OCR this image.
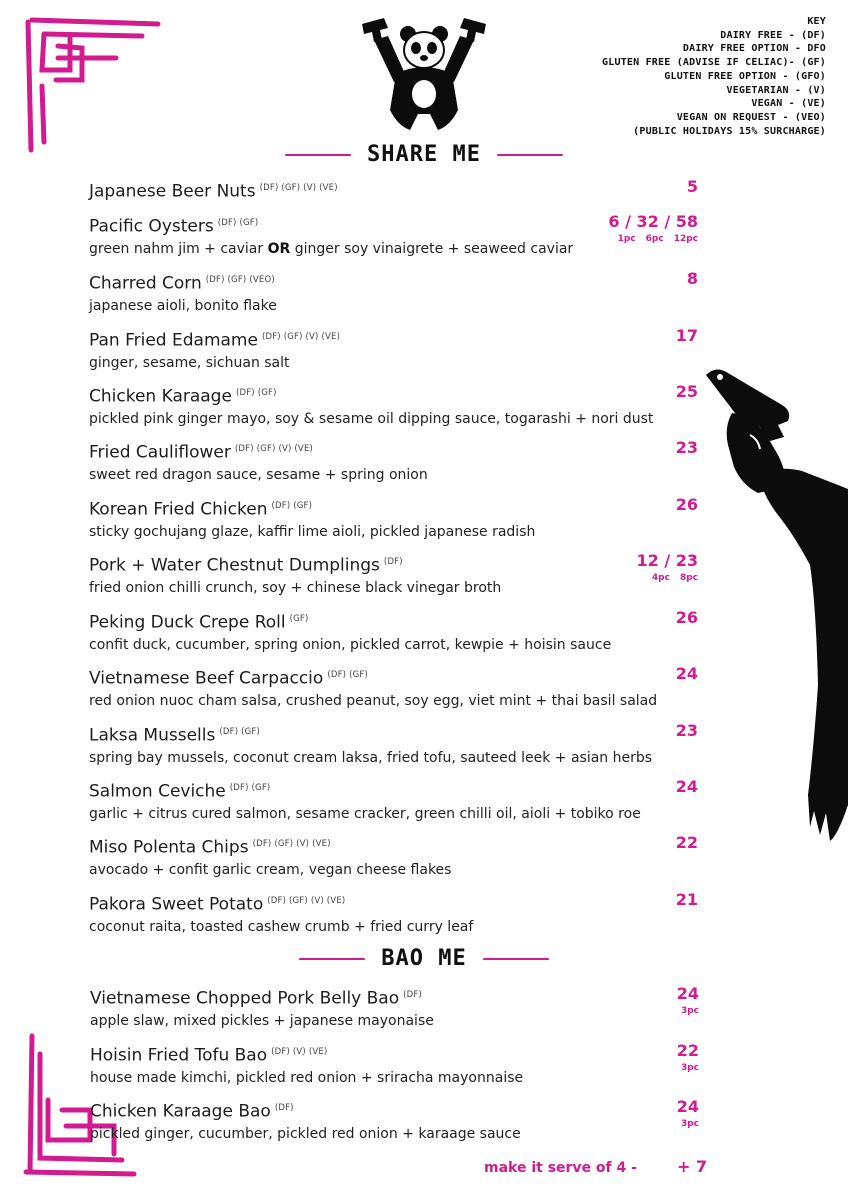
KEY
DAIRY FREE - (DF)
DAIRY FREE OPTION - DFO
GLUTEN FREE (ADVISE IF CELIAC)- (GF)
GLUTEN FREE OPTION - (GFO)
VEGETARIAN - (V)
VEGAN - (VE)
VEGAN ON REQUEST - (VEO)
(PUBLIC HOLIDAYS 15% SURCHARGE)
SHARE ME
Japanese Beer Nuts $^{(DF) (GF) (V) (VE)}$	5
Pacific Oysters $^{(DF) (GF)}$
green nahm jim + caviar OR ginger soy vinaigrete + seaweed caviar
6 / 32 / 58
1pc 6pc 12pc
Charred Corn $^{(DF) (GF) (VEO)}$
japanese aioli, bonito flake
8
Pan Fried Edamame $^{(DF) (GF) (V) (VE)}$
ginger, sesame, sichuan salt
17
Chicken Karaage $^{(DF) (GF)}$
pickled pink ginger mayo, soy & sesame oil dipping sauce, togarashi + nori dust
25
Fried Cauliflower $^{(DF) (GF) (V) (VE)}$
sweet red dragon sauce, sesame + spring onion
23
Korean Fried Chicken $^{(DF) (GF)}$
sticky gochujang glaze, kaffir lime aioli, pickled japanese radish
26
Pork + Water Chestnut Dumplings $^{(DF)}$
fried onion chilli crunch, soy + chinese black vinegar broth
12 / 23
4pc 8pc
Peking Duck Crepe Roll $^{(GF)}$
confit duck, cucumber, spring onion, pickled carrot, kewpie + hoisin sauce
26
Vietnamese Beef Carpaccio $^{(DF) (GF)}$
red onion nuoc cham salsa, crushed peanut, soy egg, viet mint + thai basil salad
24
Laksa Mussells $^{(DF) (GF)}$
spring bay mussels, coconut cream laksa, fried tofu, sauteed leek + asian herbs
23
Salmon Ceviche $^{(DF) (GF)}$
garlic + citrus cured salmon, sesame cracker, green chilli oil, aioli + tobiko roe
24
Miso Polenta Chips $^{(DF) (GF) (V) (VE)}$
avocado + confit garlic cream, vegan cheese flakes
22
Pakora Sweet Potato $^{(DF) (GF) (V) (VE)}$
coconut raita, toasted cashew crumb + fried curry leaf
21
BAO ME
Vietnamese Chopped Pork Belly Bao $^{(DF)}$
apple slaw, mixed pickles + japanese mayonaise
24
3pc
Hoisin Fried Tofu Bao $^{(DF) (V) (VE)}$
house made kimchi, pickled red onion + sriracha mayonnaise
22
3pc
Chicken Karaage Bao $^{(DF)}$
pickled ginger, cucumber, pickled red onion + karaage sauce
24
3pc
make it serve of 4 -	+ 7
